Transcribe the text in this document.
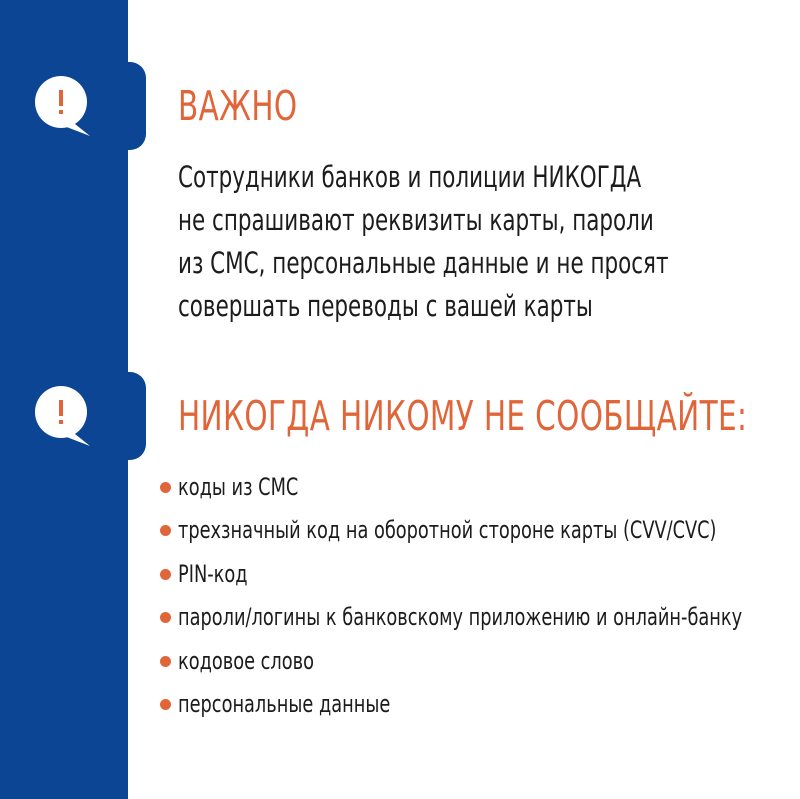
ВАЖНО
Сотрудники банков и полиции НИКОГДА
не спрашивают реквизиты карты, пароли
из СМС, персональные данные и не просят
совершать переводы с вашей карты
НИКОГДА НИКОМУ НЕ СООБЩАЙТЕ:
коды из СМС
трехзначный код на оборотной стороне карты (CVV/CVC)
PIN-код
пароли/логины к банковскому приложению и онлайн-банку
кодовое слово
персональные данные
